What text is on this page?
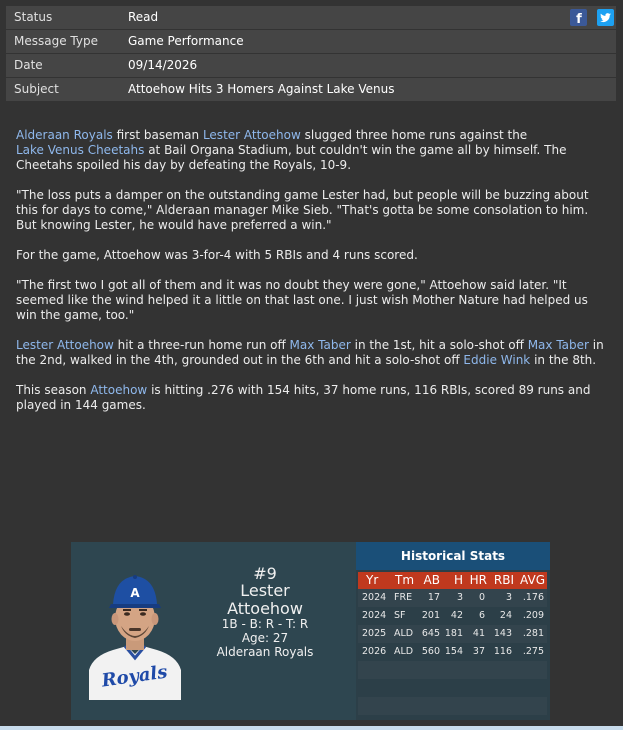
Status	Read	f
Message Type	Game Performance
Date	09/14/2026
Subject	Attoehow Hits 3 Homers Against Lake Venus

Alderaan Royals first baseman Lester Attoehow slugged three home runs against the
Lake Venus Cheetahs at Bail Organa Stadium, but couldn't win the game all by himself. The Cheetahs spoiled his day by defeating the Royals, 10-9.

"The loss puts a damper on the outstanding game Lester had, but people will be buzzing about this for days to come," Alderaan manager Mike Sieb. "That's gotta be some consolation to him. But knowing Lester, he would have preferred a win."

For the game, Attoehow was 3-for-4 with 5 RBIs and 4 runs scored.

"The first two I got all of them and it was no doubt they were gone," Attoehow said later. "It seemed like the wind helped it a little on that last one. I just wish Mother Nature had helped us win the game, too."

Lester Attoehow hit a three-run home run off Max Taber in the 1st, hit a solo-shot off Max Taber in the 2nd, walked in the 4th, grounded out in the 6th and hit a solo-shot off Eddie Wink in the 8th.

This season Attoehow is hitting .276 with 154 hits, 37 home runs, 116 RBIs, scored 89 runs and played in 144 games.

Royals
A
#9
Lester
Attoehow
1B - B: R - T: R
Age: 27
Alderaan Royals
Historical Stats
Yr Tm AB H HR RBI AVG
2024 FRE 17 3 0 3 .176
2024 SF 201 42 6 24 .209
2025 ALD 645 181 41 143 .281
2026 ALD 560 154 37 116 .275
